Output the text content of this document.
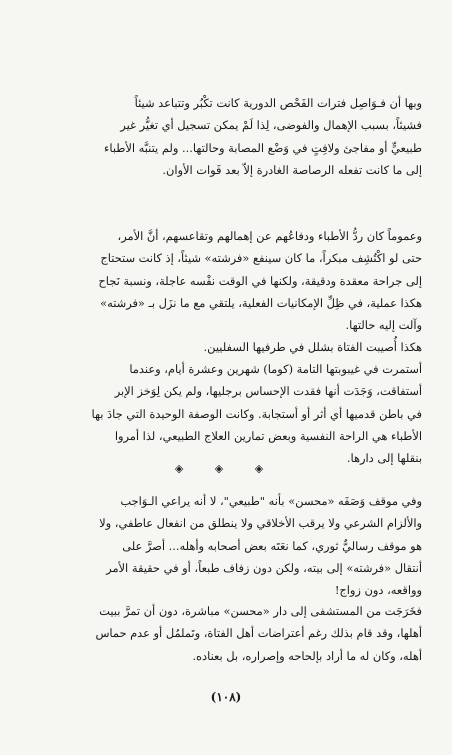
وبها أن فـوَاصِل فترات الفَحْص الدورية كانت تكْبُر وتتباعد شيئاً

فشيئاً، بسبب الإهمال والفوضى، لِذا لَمْ يمكن تسجيل أي تغيُّر غير

طبيعيٍّ أو مفاجئ ولافِتٍ في وَضْع المصابة وحالتها... ولم يتنبَّه الأطباء

إلى ما كانت تفعله الرصاصة الغادرة إلاّ بعد فَوات الأوان.

وعموماً كان ردُّ الأطباء ودفاعُهم عن إهمالهم وتقاعسهم، أنَّ الأمر،

حتى لو اكْتُشِف مبكراً، ما كان سينفع «فرشته» شيئاً، إذ كانت ستحتاج

إلى جراحة معقدة ودقيقة، ولكنها في الوقت نفْسه عاجلة، ونسبة نَجاح

هكذا عملية، في ظِلِّ الإمكانيات الفعلية، يلتقي مع ما نزَل بـ «فرشته»

وآلت إليه حالتها.

هكذا أُصيبت الفتاة بشلل في طرفيها السفليين.

أستمرت في غيبوبتها التامة (كوما) شهرين وعشرة أيام، وعندما

أستفاقت، وَجَدَت أنها فقدت الإحساس برجليها، ولم يكن لِوَخز الإبر

في باطن قدميها أي أثر أو أستجابة. وكانت الوصفة الوحيدة التي جادَ بها

الأطباء هي الراحة النفسية وبعض تمارين العلاج الطبيعي، لذا أمروا

بنقلها إلى دارها.

◈ ◈ ◈

وفي موقف وَصَفَه «محسن» بأنه "طبيعي"، لا أنه يراعي الـوَاجب

والألزام الشرعي ولا يرقب الأخلاقي ولا ينطلق من انفعال عاطفي، ولا

هو موقف رساليٌّ ثوري، كما نعَتَه بعض أصحابه وأهله... أصرَّ على

أنتقال «فرشته» إلى بيته، ولكن دون زفاف طبعاً، أو في حقيقة الأمر

وواقعه، دون زواج!

فخَرَجَت من المستشفى إلى دار «محسن» مباشرة، دون أن تمرَّ ببيت

أهلها، وقد قام بذلك رغم أعتراضات أهل الفتاة، وتَملمُل أو عدم حماس

أهله، وكان له ما أراد بإلحاحه وإصراره، بل بعناده.

(١٠٨)
